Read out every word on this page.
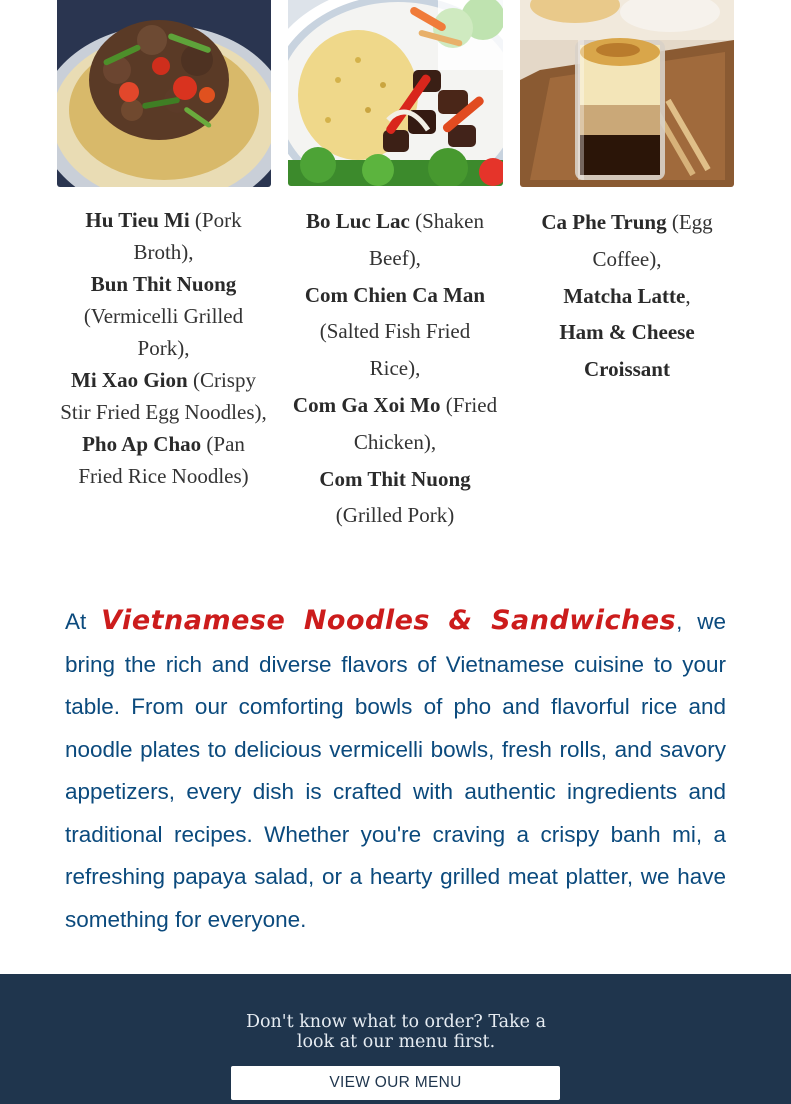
Hu Tieu Mi (Pork Broth),
Bun Thit Nuong (Vermicelli Grilled Pork),
Mi Xao Gion (Crispy Stir Fried Egg Noodles),
Pho Ap Chao (Pan Fried Rice Noodles)
Bo Luc Lac (Shaken Beef),
Com Chien Ca Man (Salted Fish Fried Rice),
Com Ga Xoi Mo (Fried Chicken),
Com Thit Nuong (Grilled Pork)
Ca Phe Trung (Egg Coffee),
Matcha Latte,
Ham & Cheese Croissant

At Vietnamese Noodles & Sandwiches, we bring the rich and diverse flavors of Vietnamese cuisine to your table. From our comforting bowls of pho and flavorful rice and noodle plates to delicious vermicelli bowls, fresh rolls, and savory appetizers, every dish is crafted with authentic ingredients and traditional recipes. Whether you're craving a crispy banh mi, a refreshing papaya salad, or a hearty grilled meat platter, we have something for everyone.

Don't know what to order? Take a look at our menu first.
VIEW OUR MENU
